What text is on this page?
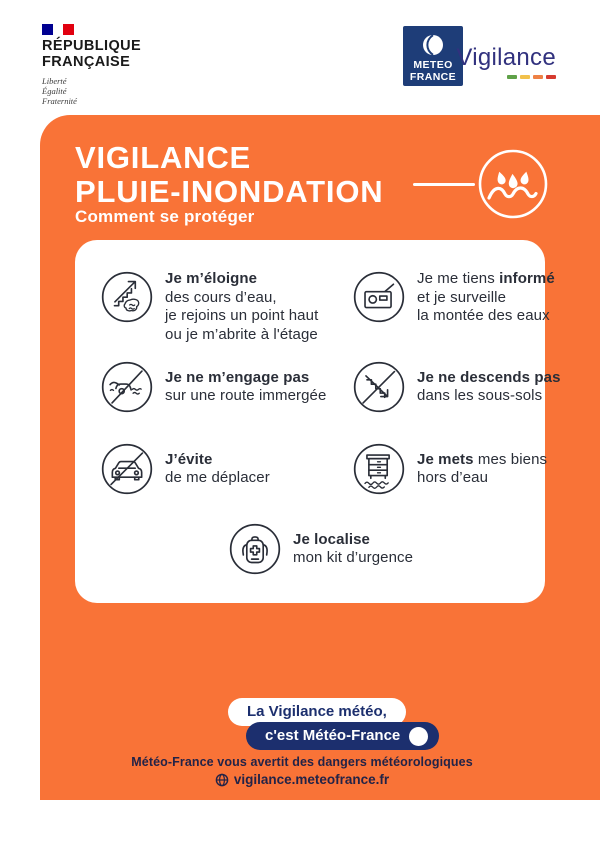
RÉPUBLIQUE
FRANÇAISE
Liberté
Égalité
Fraternité
METEO
FRANCE
Vigilance
VIGILANCE
PLUIE-INONDATION
Comment se protéger
Je m’éloigne
des cours d’eau,
je rejoins un point haut
ou je m’abrite à l'étage
Je me tiens informé
et je surveille
la montée des eaux
Je ne m’engage pas
sur une route immergée
Je ne descends pas
dans les sous-sols
J’évite
de me déplacer
Je mets mes biens
hors d’eau
Je localise
mon kit d’urgence
La Vigilance météo,
c'est Météo-France
Météo-France vous avertit des dangers météorologiques
vigilance.meteofrance.fr
